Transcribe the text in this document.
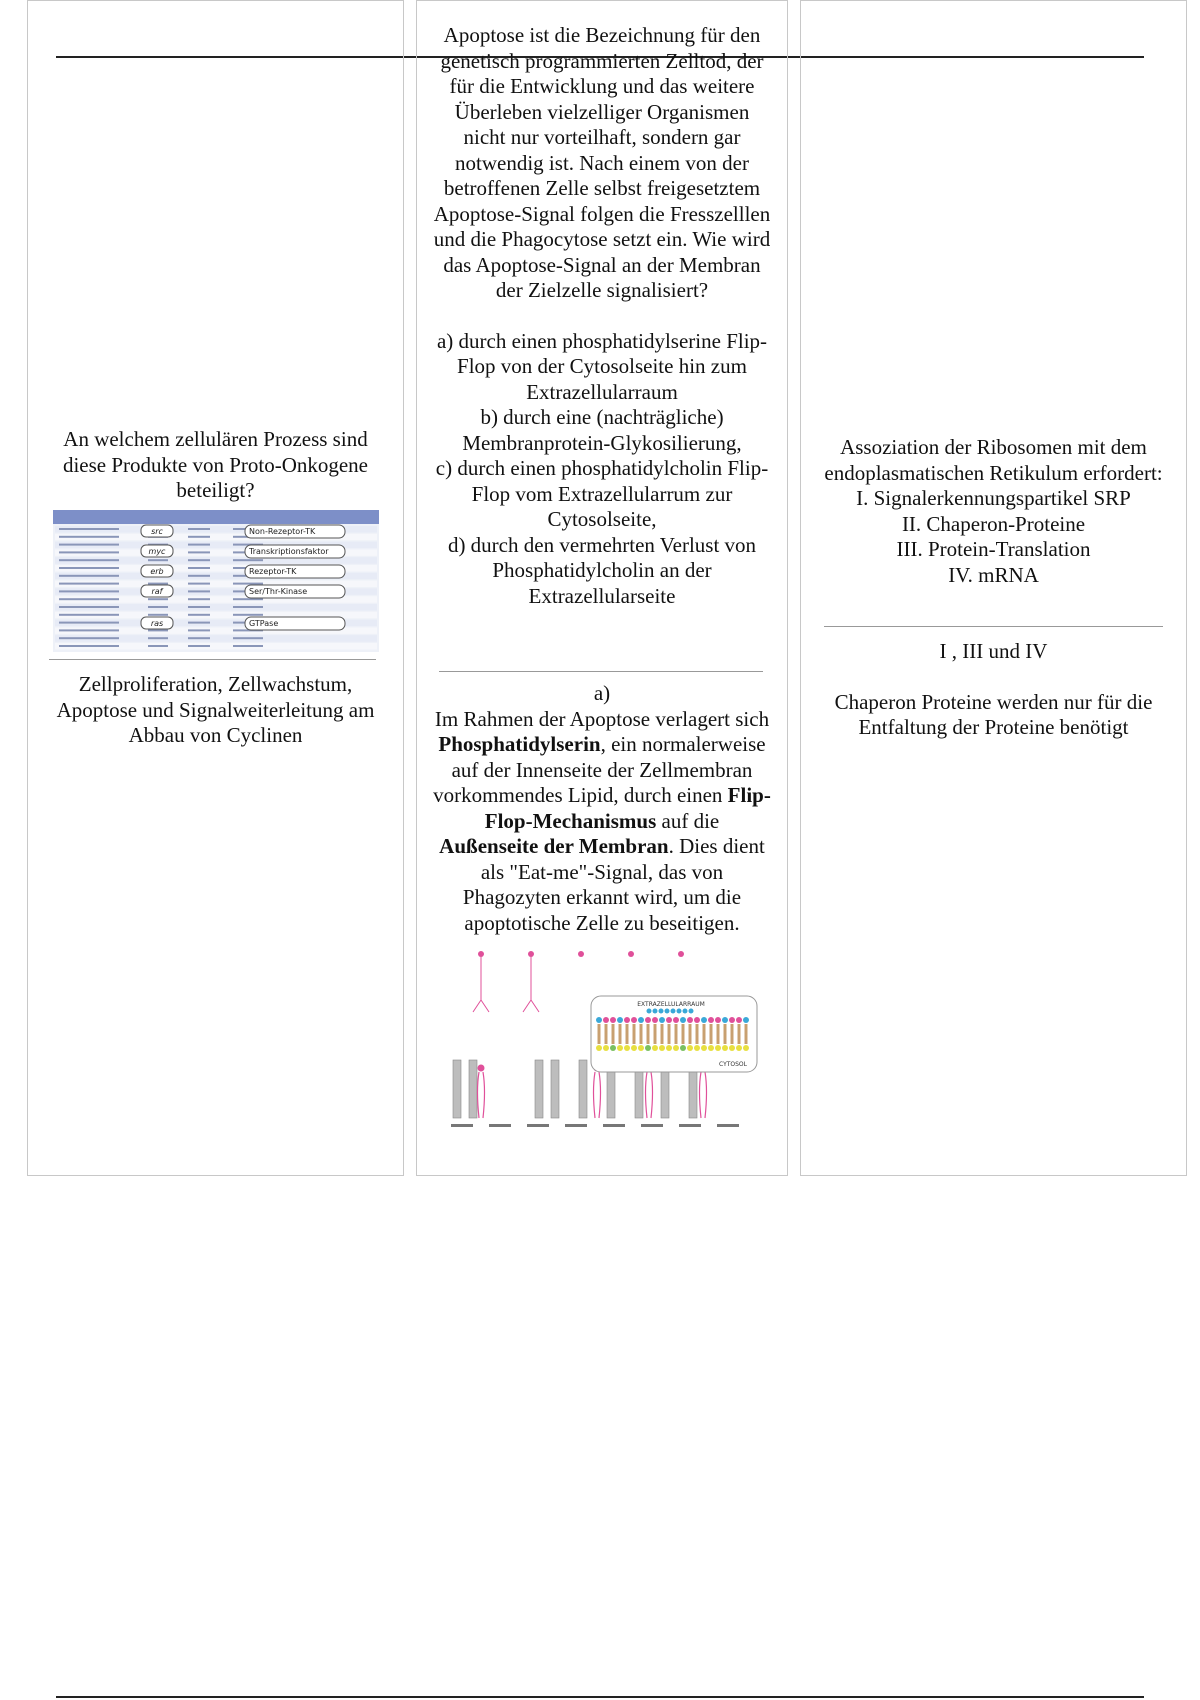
An welchem zellulären Prozess sind diese Produkte von Proto-Onkogene beteiligt?

src	Non-Rezeptor-TK
myc	Transkriptionsfaktor
erb	Rezeptor-TK
raf	Ser/Thr-Kinase
ras	GTPase

Zellproliferation, Zellwachstum, Apoptose und Signalweiterleitung am Abbau von Cyclinen

Apoptose ist die Bezeichnung für den genetisch programmierten Zelltod, der für die Entwicklung und das weitere Überleben vielzelliger Organismen nicht nur vorteilhaft, sondern gar notwendig ist. Nach einem von der betroffenen Zelle selbst freigesetztem Apoptose-Signal folgen die Fresszelllen und die Phagocytose setzt ein. Wie wird das Apoptose-Signal an der Membran der Zielzelle signalisiert?

a) durch einen phosphatidylserine Flip-Flop von der Cytosolseite hin zum Extrazellularraum

b) durch eine (nachträgliche) Membranprotein-Glykosilierung,

c) durch einen phosphatidylcholin Flip-Flop vom Extrazellularrum zur Cytosolseite,

d) durch den vermehrten Verlust von Phosphatidylcholin an der Extrazellularseite

a)

Im Rahmen der Apoptose verlagert sich Phosphatidylserin, ein normalerweise auf der Innenseite der Zellmembran vorkommendes Lipid, durch einen Flip-Flop-Mechanismus auf die Außenseite der Membran. Dies dient als "Eat-me"-Signal, das von Phagozyten erkannt wird, um die apoptotische Zelle zu beseitigen.

EXTRAZELLULARRAUM
CYTOSOL

Assoziation der Ribosomen mit dem endoplasmatischen Retikulum erfordert:

I. Signalerkennungspartikel SRP

II. Chaperon-Proteine

III. Protein-Translation

IV. mRNA

I , III und IV

Chaperon Proteine werden nur für die Entfaltung der Proteine benötigt
